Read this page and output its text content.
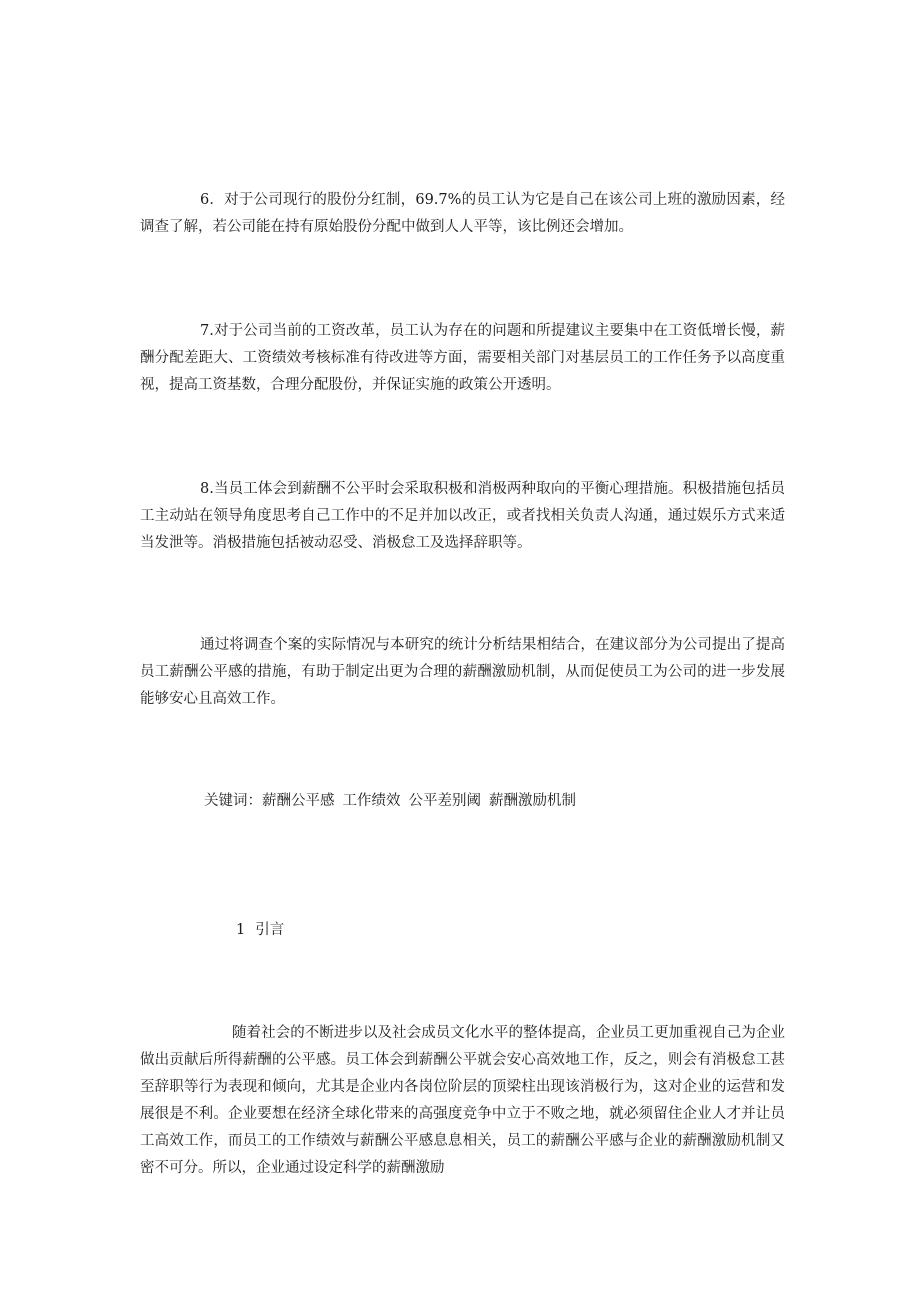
6．对于公司现行的股份分红制，69.7%的员工认为它是自己在该公司上班的激励因素，经调查了解，若公司能在持有原始股份分配中做到人人平等，该比例还会增加。

7.对于公司当前的工资改革，员工认为存在的问题和所提建议主要集中在工资低增长慢，薪酬分配差距大、工资绩效考核标准有待改进等方面，需要相关部门对基层员工的工作任务予以高度重视，提高工资基数，合理分配股份，并保证实施的政策公开透明。

8.当员工体会到薪酬不公平时会采取积极和消极两种取向的平衡心理措施。积极措施包括员工主动站在领导角度思考自己工作中的不足并加以改正，或者找相关负责人沟通，通过娱乐方式来适当发泄等。消极措施包括被动忍受、消极怠工及选择辞职等。

通过将调查个案的实际情况与本研究的统计分析结果相结合，在建议部分为公司提出了提高员工薪酬公平感的措施，有助于制定出更为合理的薪酬激励机制，从而促使员工为公司的进一步发展能够安心且高效工作。

关键词：薪酬公平感 工作绩效 公平差别阈 薪酬激励机制

1 引言

随着社会的不断进步以及社会成员文化水平的整体提高，企业员工更加重视自己为企业做出贡献后所得薪酬的公平感。员工体会到薪酬公平就会安心高效地工作，反之，则会有消极怠工甚至辞职等行为表现和倾向，尤其是企业内各岗位阶层的顶梁柱出现该消极行为，这对企业的运营和发展很是不利。企业要想在经济全球化带来的高强度竞争中立于不败之地，就必须留住企业人才并让员工高效工作，而员工的工作绩效与薪酬公平感息息相关，员工的薪酬公平感与企业的薪酬激励机制又密不可分。所以，企业通过设定科学的薪酬激励
